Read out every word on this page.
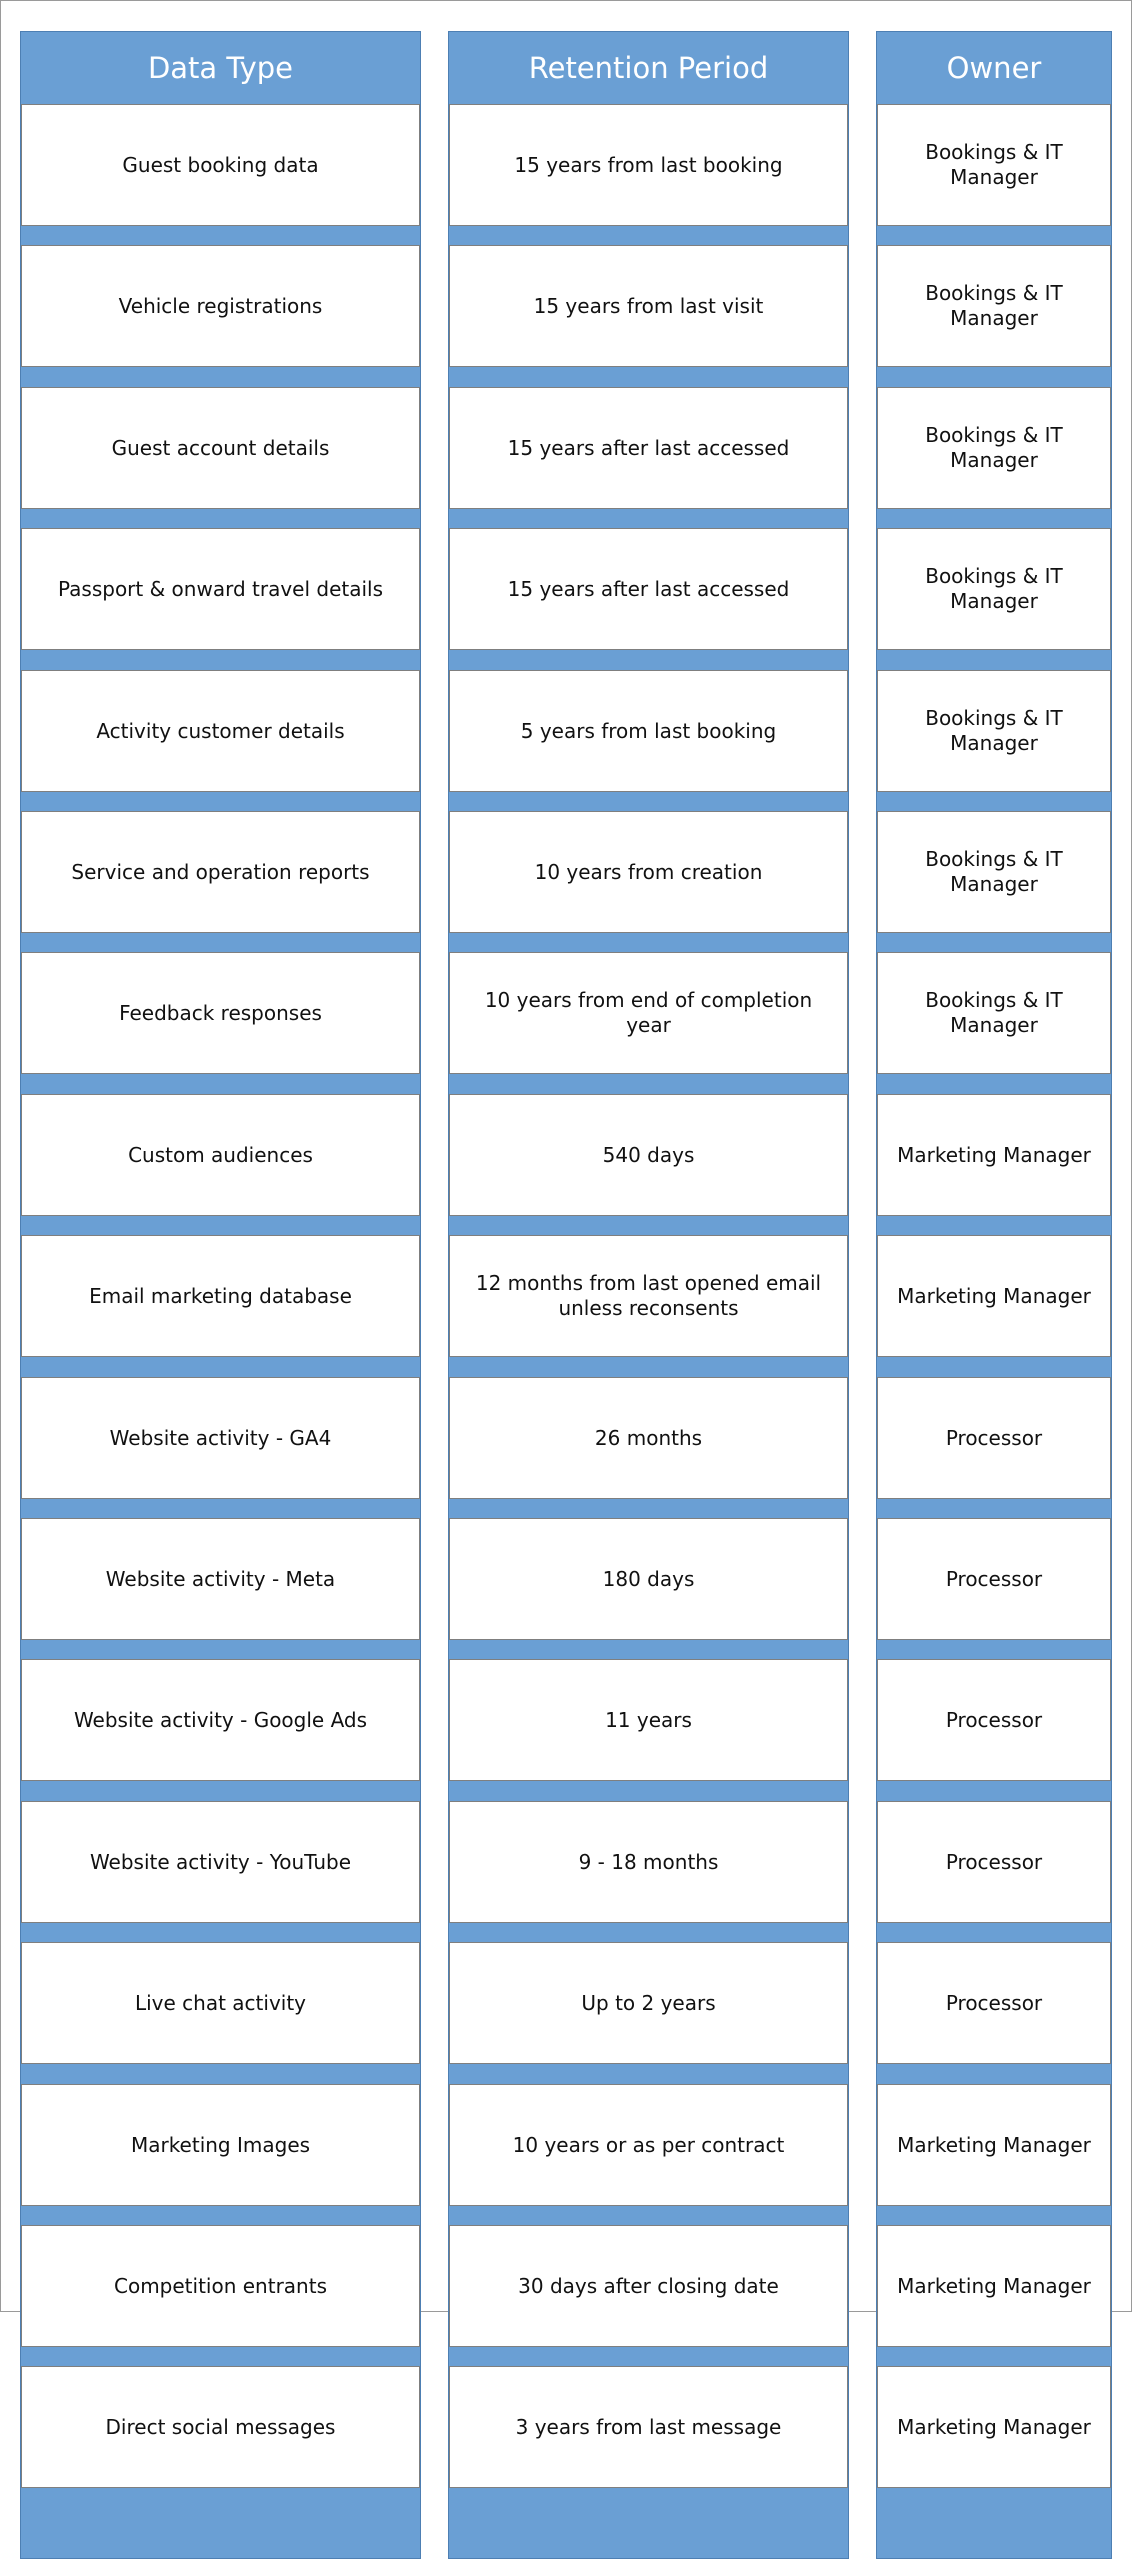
Data Type
Guest booking data
Vehicle registrations
Guest account details
Passport & onward travel details
Activity customer details
Service and operation reports
Feedback responses
Custom audiences
Email marketing database
Website activity - GA4
Website activity - Meta
Website activity - Google Ads
Website activity - YouTube
Live chat activity
Marketing Images
Competition entrants
Direct social messages
Retention Period
15 years from last booking
15 years from last visit
15 years after last accessed
15 years after last accessed
5 years from last booking
10 years from creation
10 years from end of completion year
540 days
12 months from last opened email unless reconsents
26 months
180 days
11 years
9 - 18 months
Up to 2 years
10 years or as per contract
30 days after closing date
3 years from last message
Owner
Bookings & IT Manager
Bookings & IT Manager
Bookings & IT Manager
Bookings & IT Manager
Bookings & IT Manager
Bookings & IT Manager
Bookings & IT Manager
Marketing Manager
Marketing Manager
Processor
Processor
Processor
Processor
Processor
Marketing Manager
Marketing Manager
Marketing Manager
